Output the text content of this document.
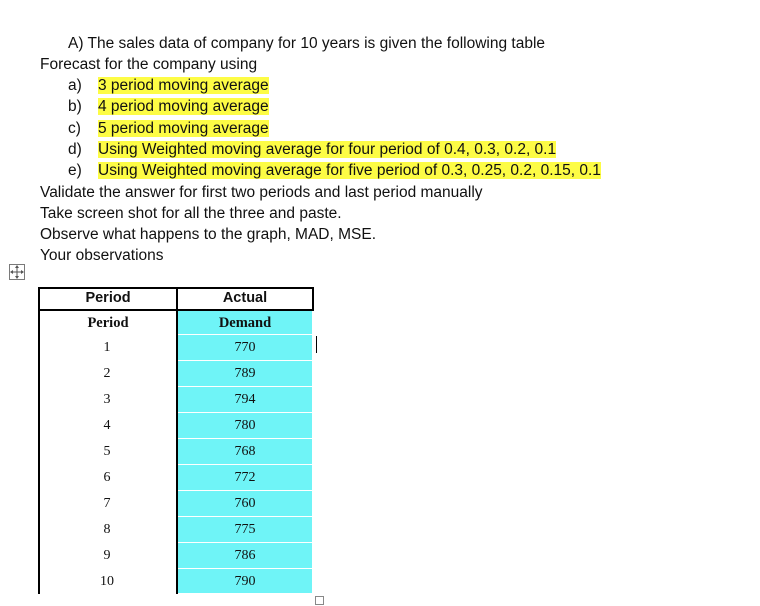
A) The sales data of company for 10 years is given the following table
Forecast for the company using
a) 3 period moving average
b) 4 period moving average
c) 5 period moving average
d) Using Weighted moving average for four period of 0.4, 0.3, 0.2, 0.1
e) Using Weighted moving average for five period of 0.3, 0.25, 0.2, 0.15, 0.1
Validate the answer for first two periods and last period manually
Take screen shot for all the three and paste.
Observe what happens to the graph, MAD, MSE.
Your observations
Period	Actual
Period	Demand
1	770
2	789
3	794
4	780
5	768
6	772
7	760
8	775
9	786
10	790
